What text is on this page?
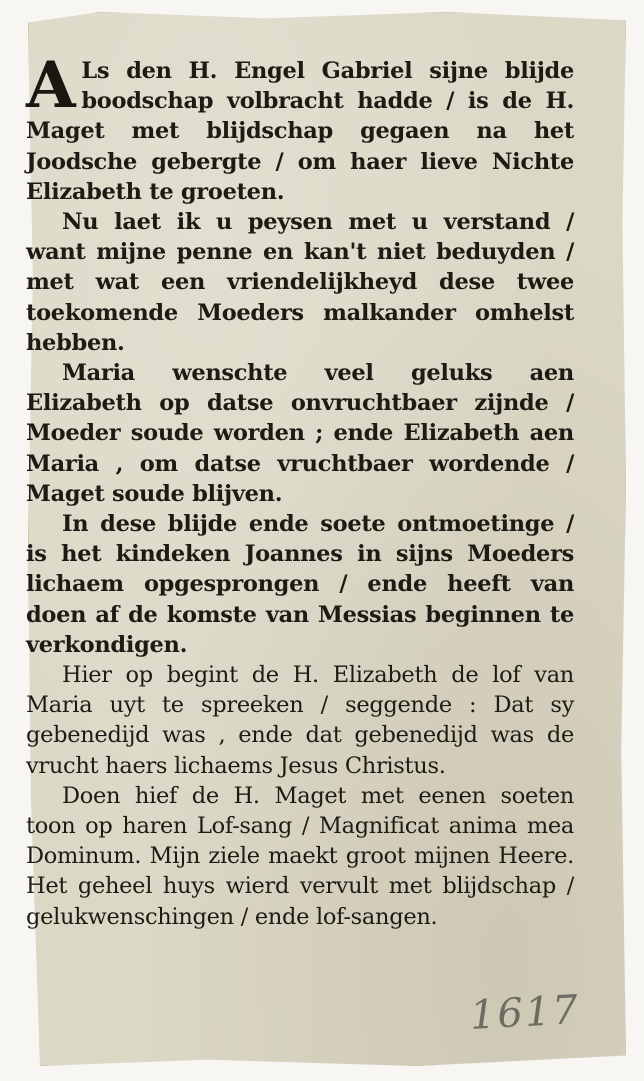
A Ls den H. Engel Gabriel sijne blijde boodschap volbracht hadde / is de H. Maget met blijdschap gegaen na het Joodsche gebergte / om haer lieve Nichte Elizabeth te groeten.

Nu laet ik u peysen met u verstand / want mijne penne en kan't niet beduyden / met wat een vriendelijkheyd dese twee toekomende Moeders malkander omhelst hebben.

Maria wenschte veel geluks aen Elizabeth op datse onvruchtbaer zijnde / Moeder soude worden ; ende Elizabeth aen Maria , om datse vruchtbaer wordende / Maget soude blijven.

In dese blijde ende soete ontmoetinge / is het kindeken Joannes in sijns Moeders lichaem opgesprongen / ende heeft van doen af de komste van Messias beginnen te verkondigen.

Hier op begint de H. Elizabeth de lof van Maria uyt te spreeken / seggende : Dat sy gebenedijd was , ende dat gebenedijd was de vrucht haers lichaems Jesus Christus.

Doen hief de H. Maget met eenen soeten toon op haren Lof-sang / Magnificat anima mea Dominum. Mijn ziele maekt groot mijnen Heere. Het geheel huys wierd vervult met blijdschap / gelukwenschingen / ende lof-sangen.

1617
